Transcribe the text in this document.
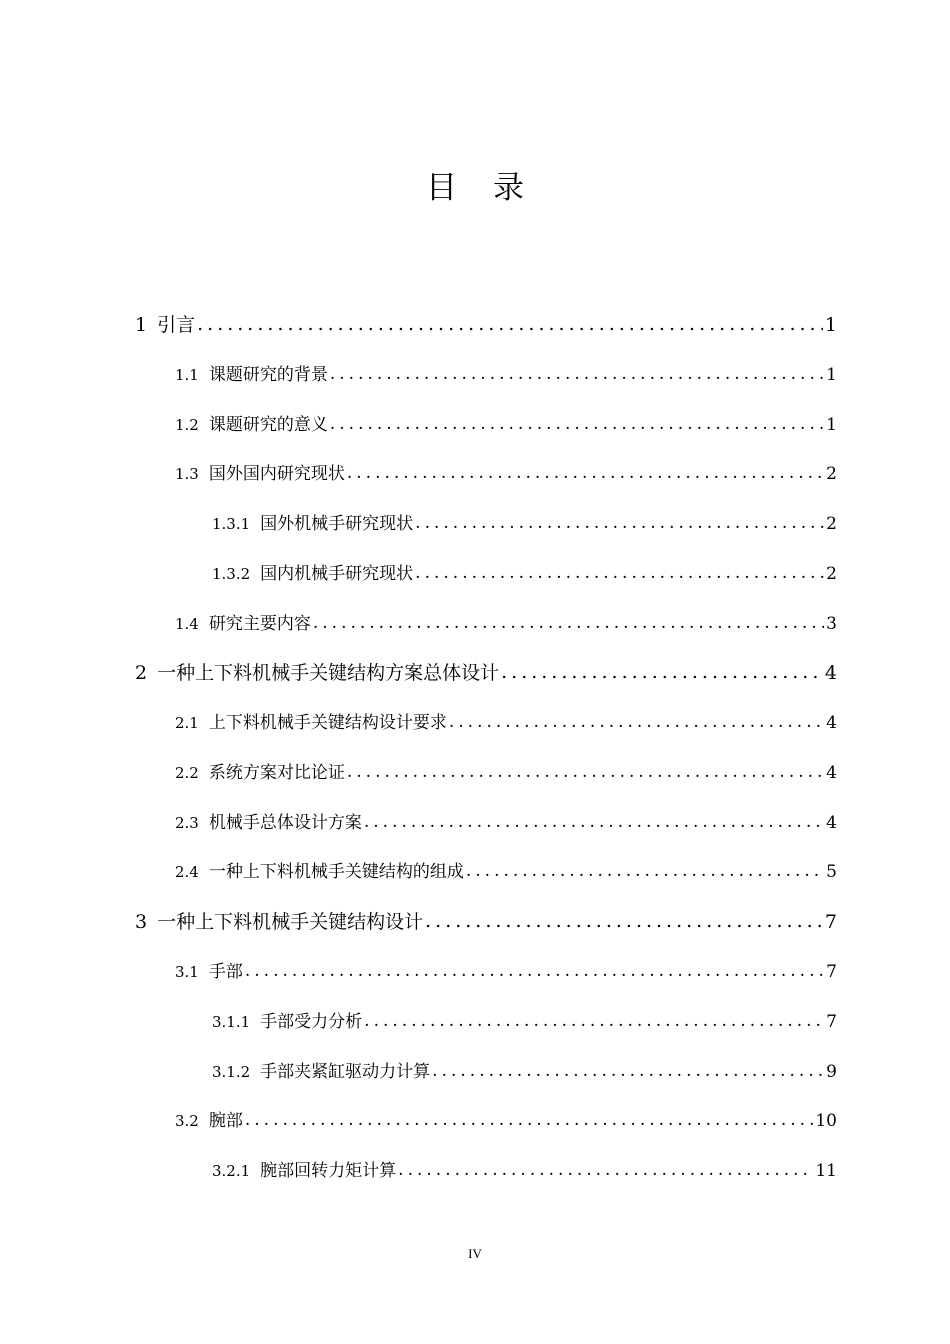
目录
1 引言 .....	1
1.1 课题研究的背景 .....	1
1.2 课题研究的意义 .....	1
1.3 国外国内研究现状 .....	2
1.3.1 国外机械手研究现状 .....	2
1.3.2 国内机械手研究现状 .....	2
1.4 研究主要内容 .....	3
2 一种上下料机械手关键结构方案总体设计 .....	4
2.1 上下料机械手关键结构设计要求 .....	4
2.2 系统方案对比论证 .....	4
2.3 机械手总体设计方案 .....	4
2.4 一种上下料机械手关键结构的组成 .....	5
3 一种上下料机械手关键结构设计 .....	7
3.1 手部 .....	7
3.1.1 手部受力分析 .....	7
3.1.2 手部夹紧缸驱动力计算 .....	9
3.2 腕部 .....	10
3.2.1 腕部回转力矩计算 .....	11
IV
